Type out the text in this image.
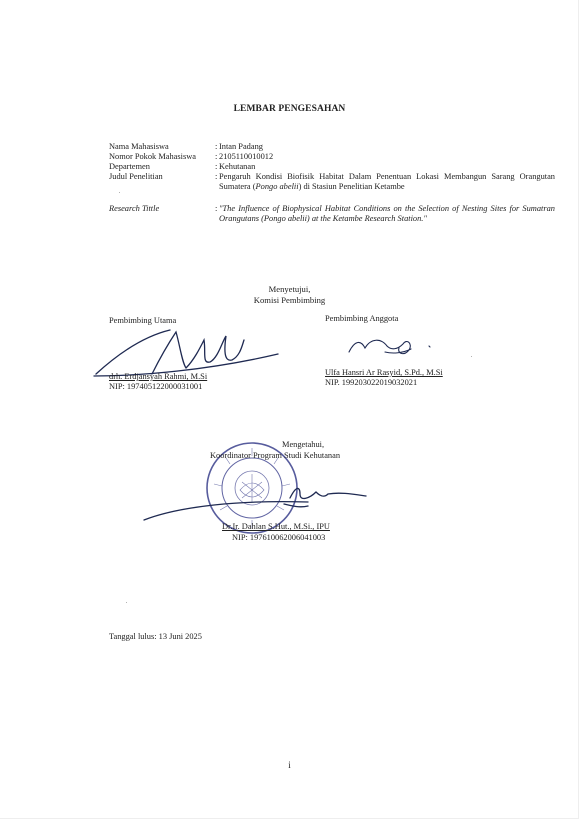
LEMBAR PENGESAHAN
Nama Mahasiswa	: Intan Padang
Nomor Pokok Mahasiswa	: 2105110010012
Departemen	: Kehutanan
Judul Penelitian	: Pengaruh Kondisi Biofisik Habitat Dalam Penentuan Lokasi Membangun Sarang Orangutan Sumatera (Pongo abelii) di Stasiun Penelitian Ketambe
Research Tittle	: "The Influence of Biophysical Habitat Conditions on the Selection of Nesting Sites for Sumatran Orangutans (Pongo abelii) at the Ketambe Research Station."
Menyetujui,
Komisi Pembimbing
Pembimbing Utama
drh. Erdjansyah Rahmi, M.Si
NIP: 197405122000031001
Pembimbing Anggota
Ulfa Hansri Ar Rasyid, S.Pd., M.Si
NIP. 199203022019032021
Mengetahui,
Koordinator Program Studi Kehutanan
Dr.Ir. Dahlan S.Hut., M.Si., IPU
NIP: 197610062006041003
Tanggal lulus: 13 Juni 2025
i
